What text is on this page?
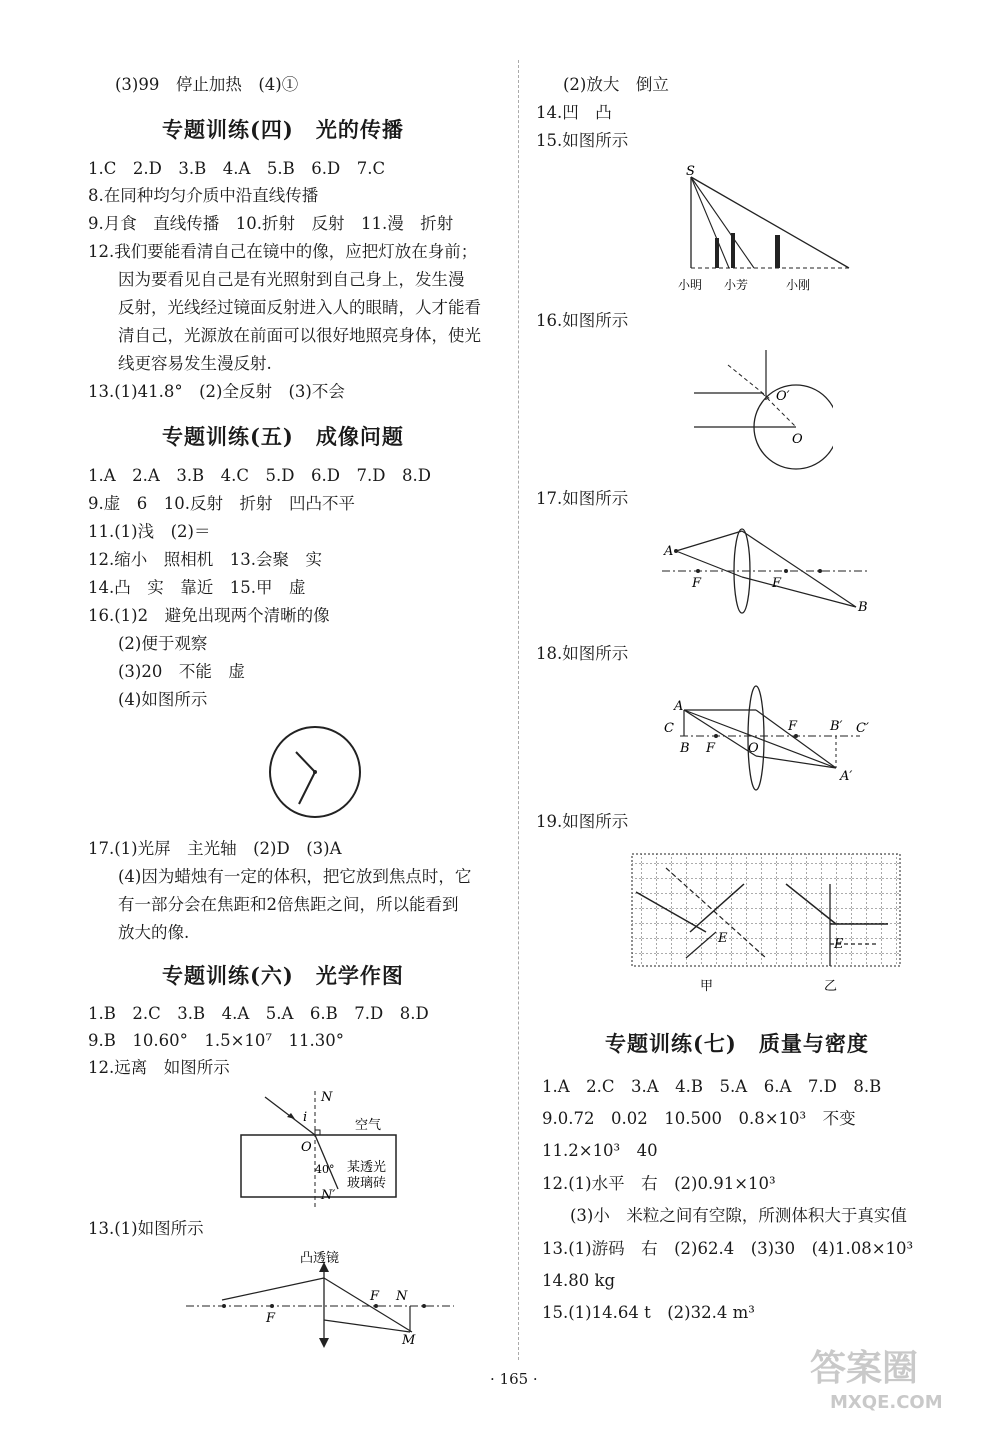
(3)99　停止加热　(4)①
专题训练(四)　光的传播
1.C　2.D　3.B　4.A　5.B　6.D　7.C
8.在同种均匀介质中沿直线传播
9.月食　直线传播　10.折射　反射　11.漫　折射
12.我们要能看清自己在镜中的像，应把灯放在身前；
因为要看见自己是有光照射到自己身上，发生漫
反射，光线经过镜面反射进入人的眼睛，人才能看
清自己，光源放在前面可以很好地照亮身体，使光
线更容易发生漫反射.
13.(1)41.8°　(2)全反射　(3)不会
专题训练(五)　成像问题
1.A　2.A　3.B　4.C　5.D　6.D　7.D　8.D
9.虚　6　10.反射　折射　凹凸不平
11.(1)浅　(2)＝
12.缩小　照相机　13.会聚　实
14.凸　实　靠近　15.甲　虚
16.(1)2　避免出现两个清晰的像
(2)便于观察
(3)20　不能　虚
(4)如图所示
17.(1)光屏　主光轴　(2)D　(3)A
(4)因为蜡烛有一定的体积，把它放到焦点时，它
有一部分会在焦距和2倍焦距之间，所以能看到
放大的像.
专题训练(六)　光学作图
1.B　2.C　3.B　4.A　5.A　6.B　7.D　8.D
9.B　10.60°　1.5×10⁷　11.30°
12.远离　如图所示
N
i
O
空气
40°
N′
某透光
玻璃砖
13.(1)如图所示
凸透镜
F
F N
M
(2)放大　倒立
14.凹　凸
15.如图所示
S
小明 小芳	小刚
16.如图所示
O′
O
17.如图所示
A
F	F
B
18.如图所示
A
C
B F	O
F	B′ C′
A′
19.如图所示
E	E
甲	乙
专题训练(七)　质量与密度
1.A　2.C　3.A　4.B　5.A　6.A　7.D　8.B
9.0.72　0.02　10.500　0.8×10³　不变
11.2×10³　40
12.(1)水平　右　(2)0.91×10³
(3)小　米粒之间有空隙，所测体积大于真实值
13.(1)游码　右　(2)62.4　(3)30　(4)1.08×10³
14.80 kg
15.(1)14.64 t　(2)32.4 m³
· 165 ·	答案圈
MXQE.COM
